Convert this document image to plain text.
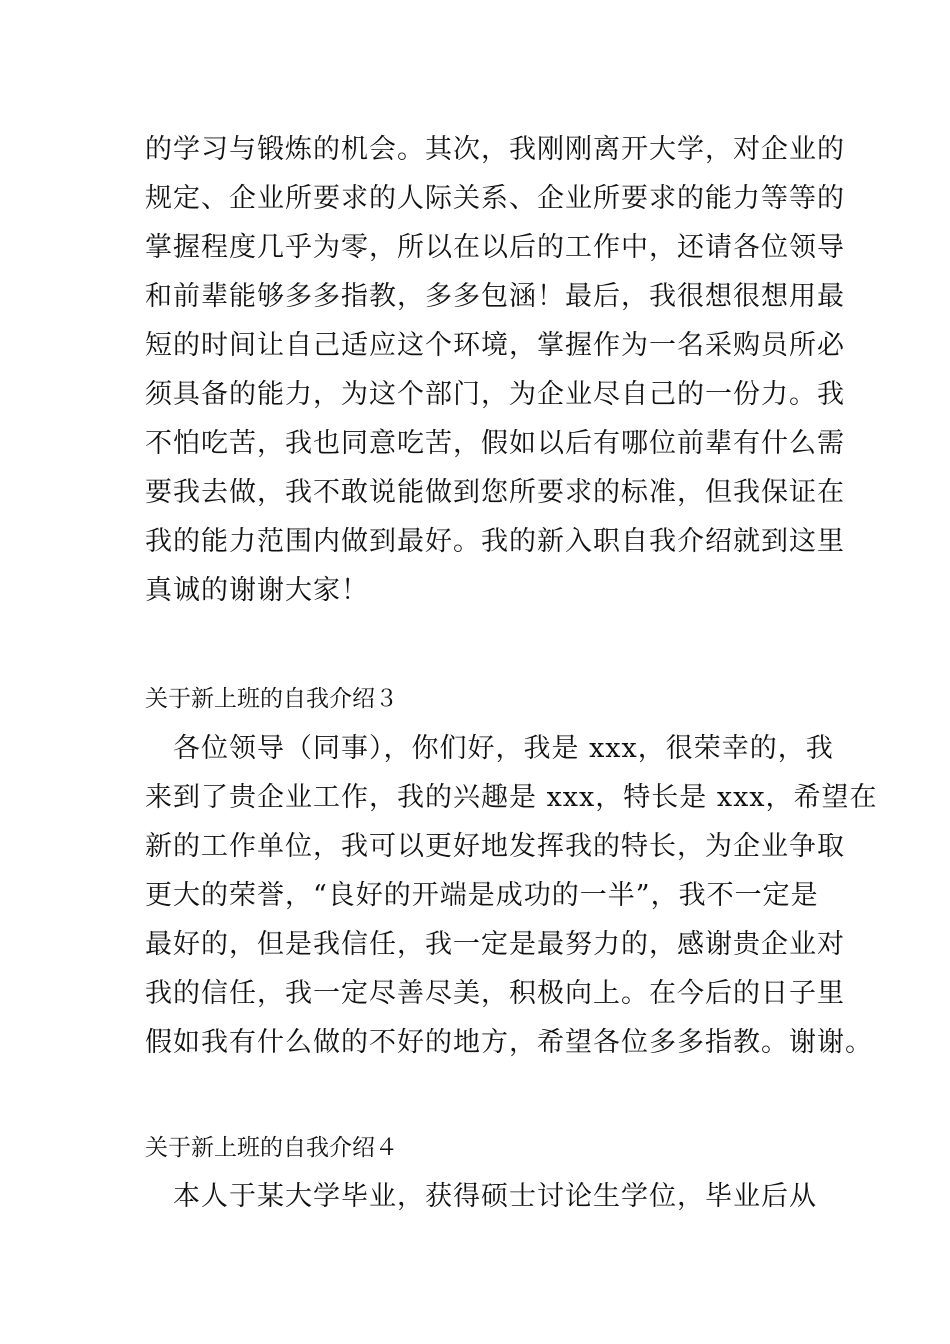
的学习与锻炼的机会。其次，我刚刚离开大学，对企业的
规定、企业所要求的人际关系、企业所要求的能力等等的
掌握程度几乎为零，所以在以后的工作中，还请各位领导
和前辈能够多多指教，多多包涵！最后，我很想很想用最
短的时间让自己适应这个环境，掌握作为一名采购员所必
须具备的能力，为这个部门，为企业尽自己的一份力。我
不怕吃苦，我也同意吃苦，假如以后有哪位前辈有什么需
要我去做，我不敢说能做到您所要求的标准，但我保证在
我的能力范围内做到最好。我的新入职自我介绍就到这里
真诚的谢谢大家！
关于新上班的自我介绍３
　各位领导（同事），你们好，我是 xxx，很荣幸的，我
来到了贵企业工作，我的兴趣是 xxx，特长是 xxx，希望在
新的工作单位，我可以更好地发挥我的特长，为企业争取
更大的荣誉，“良好的开端是成功的一半”，我不一定是
最好的，但是我信任，我一定是最努力的，感谢贵企业对
我的信任，我一定尽善尽美，积极向上。在今后的日子里
假如我有什么做的不好的地方，希望各位多多指教。谢谢。
关于新上班的自我介绍４
　本人于某大学毕业，获得硕士讨论生学位，毕业后从
